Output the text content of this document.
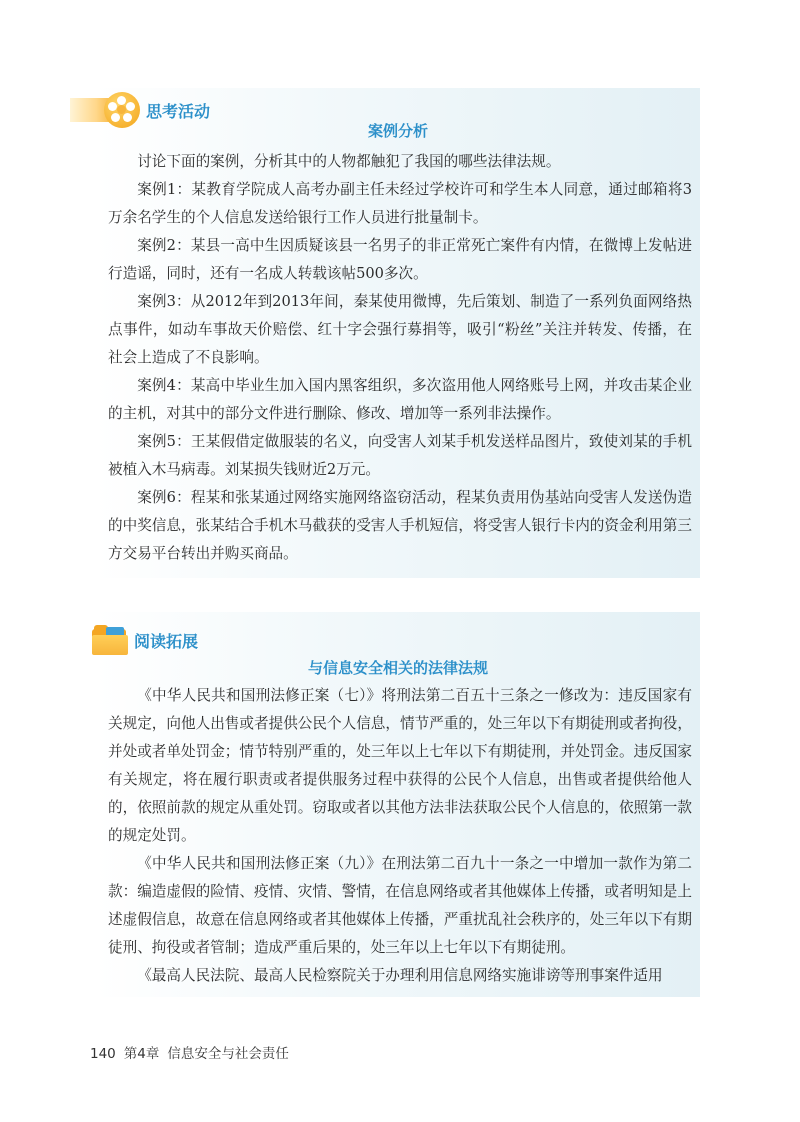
思考活动
案例分析

讨论下面的案例，分析其中的人物都触犯了我国的哪些法律法规。

案例1：某教育学院成人高考办副主任未经过学校许可和学生本人同意，通过邮箱将3万余名学生的个人信息发送给银行工作人员进行批量制卡。

案例2：某县一高中生因质疑该县一名男子的非正常死亡案件有内情，在微博上发帖进行造谣，同时，还有一名成人转载该帖500多次。

案例3：从2012年到2013年间，秦某使用微博，先后策划、制造了一系列负面网络热点事件，如动车事故天价赔偿、红十字会强行募捐等，吸引“粉丝”关注并转发、传播，在社会上造成了不良影响。

案例4：某高中毕业生加入国内黑客组织，多次盗用他人网络账号上网，并攻击某企业的主机，对其中的部分文件进行删除、修改、增加等一系列非法操作。

案例5：王某假借定做服装的名义，向受害人刘某手机发送样品图片，致使刘某的手机被植入木马病毒。刘某损失钱财近2万元。

案例6：程某和张某通过网络实施网络盗窃活动，程某负责用伪基站向受害人发送伪造的中奖信息，张某结合手机木马截获的受害人手机短信，将受害人银行卡内的资金利用第三方交易平台转出并购买商品。

阅读拓展
与信息安全相关的法律法规

《中华人民共和国刑法修正案（七）》将刑法第二百五十三条之一修改为：违反国家有关规定，向他人出售或者提供公民个人信息，情节严重的，处三年以下有期徒刑或者拘役，并处或者单处罚金；情节特别严重的，处三年以上七年以下有期徒刑，并处罚金。违反国家有关规定，将在履行职责或者提供服务过程中获得的公民个人信息，出售或者提供给他人的，依照前款的规定从重处罚。窃取或者以其他方法非法获取公民个人信息的，依照第一款的规定处罚。

《中华人民共和国刑法修正案（九）》在刑法第二百九十一条之一中增加一款作为第二款：编造虚假的险情、疫情、灾情、警情，在信息网络或者其他媒体上传播，或者明知是上述虚假信息，故意在信息网络或者其他媒体上传播，严重扰乱社会秩序的，处三年以下有期徒刑、拘役或者管制；造成严重后果的，处三年以上七年以下有期徒刑。

《最高人民法院、最高人民检察院关于办理利用信息网络实施诽谤等刑事案件适用

140 第4章 信息安全与社会责任
